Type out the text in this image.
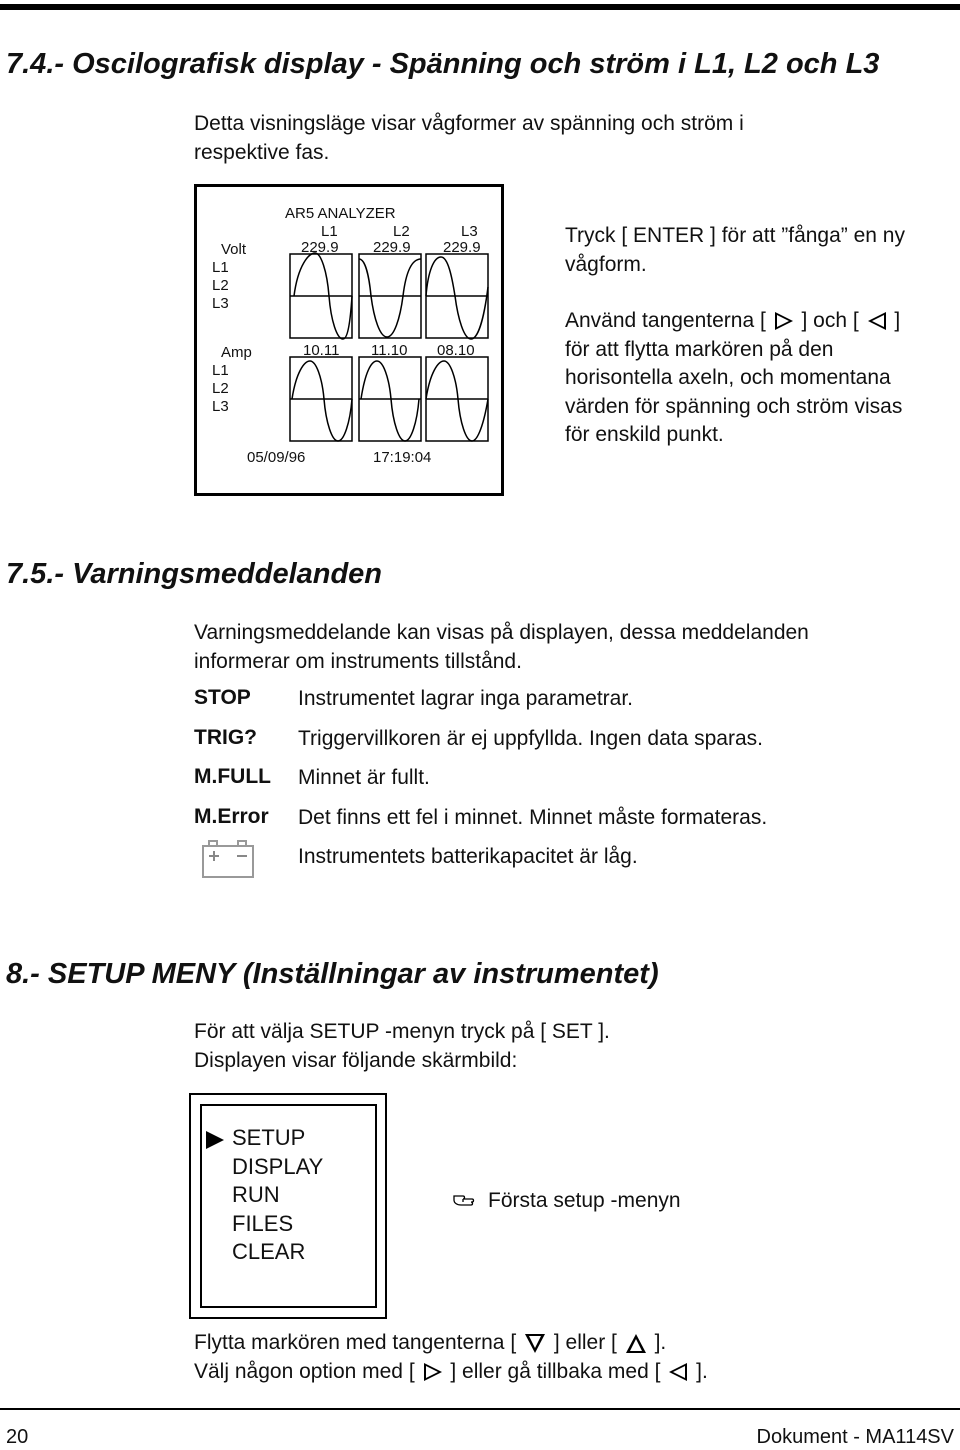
7.4.- Oscilografisk display - Spänning och ström i L1, L2 och L3
Detta visningsläge visar vågformer av spänning och ström i
respektive fas.
AR5 ANALYZER
Volt
L1
L2
L3
Amp
L1
L2
L3
L1	L2	L3
229.9 229.9 229.9
10.11 11.10 08.10
05/09/96	17:19:04
Tryck [ ENTER ] för att ”fånga” en ny
vågform.
Använd tangenterna [ ] och [ ]
för att flytta markören på den
horisontella axeln, och momentana
värden för spänning och ström visas
för enskild punkt.
7.5.- Varningsmeddelanden
Varningsmeddelande kan visas på displayen, dessa meddelanden
informerar om instruments tillstånd.
STOP Instrumentet lagrar inga parametrar.
TRIG? Triggervillkoren är ej uppfyllda. Ingen data sparas.
M.FULL Minnet är fullt.
M.Error Det finns ett fel i minnet. Minnet måste formateras.
Instrumentets batterikapacitet är låg.
8.- SETUP MENY (Inställningar av instrumentet)
För att välja SETUP -menyn tryck på [ SET ].
Displayen visar följande skärmbild:
SETUP
DISPLAY
RUN
FILES
CLEAR
Första setup -menyn
Flytta markören med tangenterna [ ] eller [ ].
Välj någon option med [ ] eller gå tillbaka med [ ].
20	Dokument - MA114SV
